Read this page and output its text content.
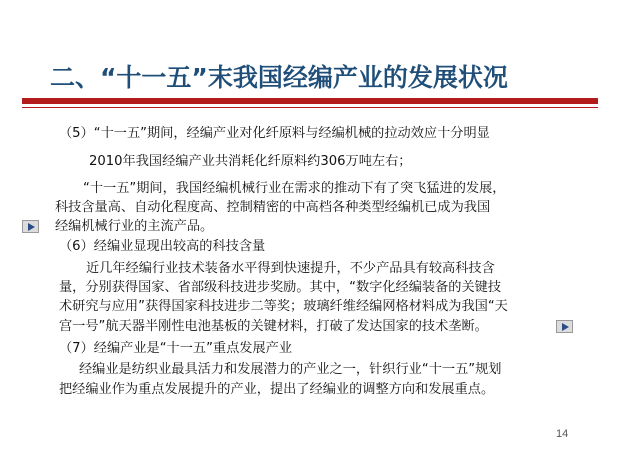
二、“十一五”末我国经编产业的发展状况
（5）“十一五”期间，经编产业对化纤原料与经编机械的拉动效应十分明显
2010年我国经编产业共消耗化纤原料约306万吨左右；
“十一五”期间，我国经编机械行业在需求的推动下有了突飞猛进的发展，
科技含量高、自动化程度高、控制精密的中高档各种类型经编机已成为我国
经编机械行业的主流产品。
（6）经编业显现出较高的科技含量
近几年经编行业技术装备水平得到快速提升，不少产品具有较高科技含
量，分别获得国家、省部级科技进步奖励。其中，“数字化经编装备的关键技
术研究与应用”获得国家科技进步二等奖；玻璃纤维经编网格材料成为我国“天
宫一号”航天器半刚性电池基板的关键材料，打破了发达国家的技术垄断。
（7）经编产业是“十一五”重点发展产业
经编业是纺织业最具活力和发展潜力的产业之一，针织行业“十一五”规划
把经编业作为重点发展提升的产业，提出了经编业的调整方向和发展重点。
14
